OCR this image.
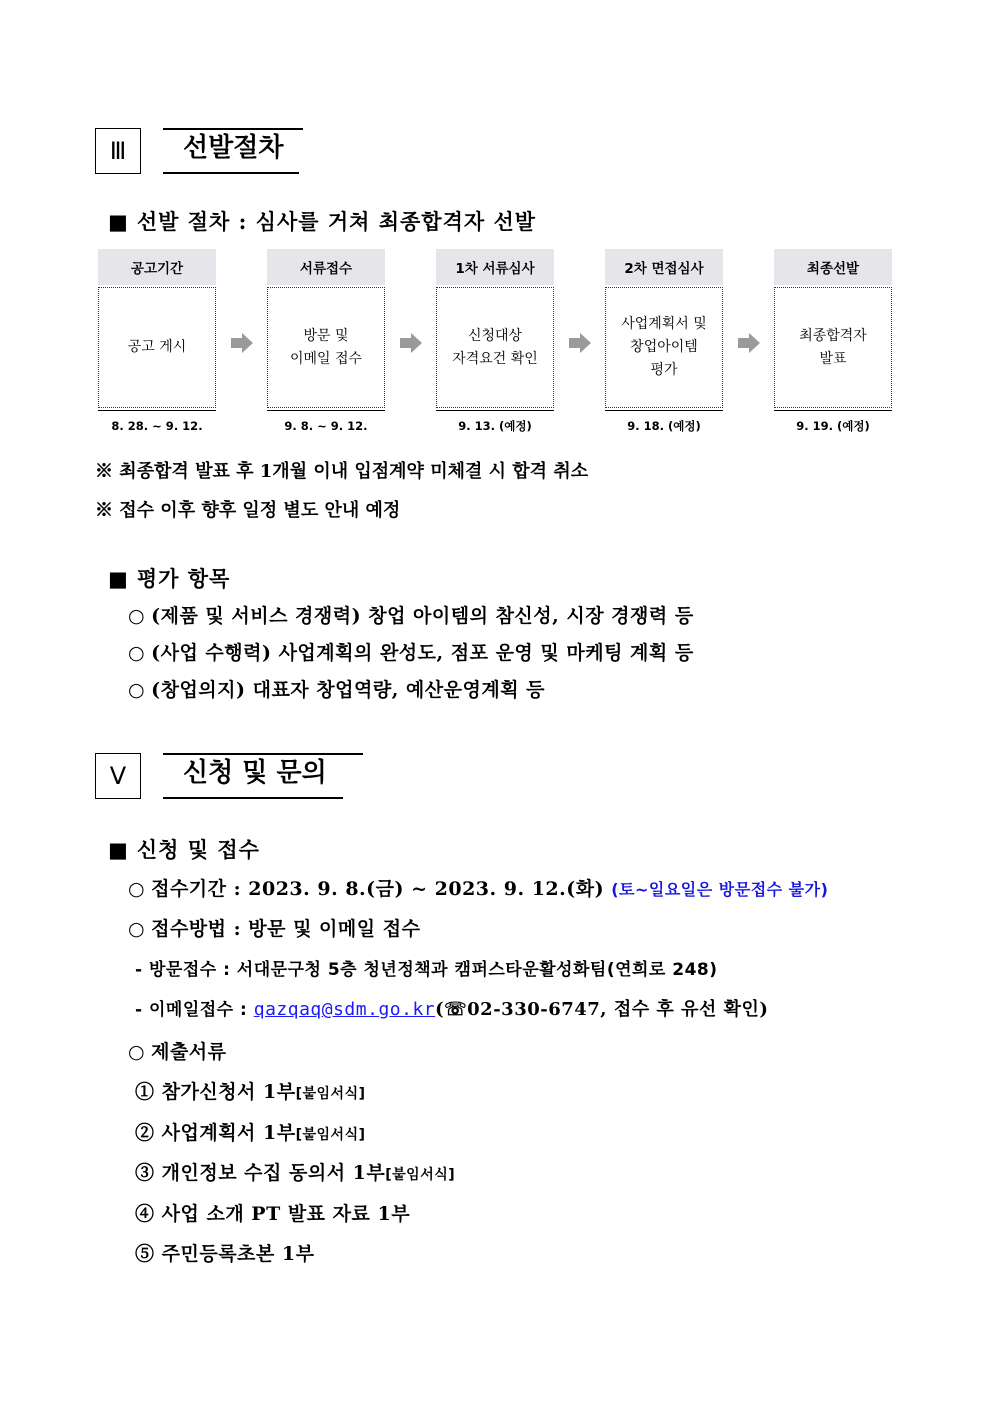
Ⅲ	선발절차
■ 선발 절차 : 심사를 거쳐 최종합격자 선발
공고기간
공고 게시
8. 28. ~ 9. 12.
서류접수
방문 및
이메일 접수
9. 8. ~ 9. 12.
1차 서류심사
신청대상
자격요건 확인
9. 13. (예정)
2차 면접심사
사업계획서 및
창업아이템
평가
9. 18. (예정)
최종선발
최종합격자
발표
9. 19. (예정)
※ 최종합격 발표 후 1개월 이내 입점계약 미체결 시 합격 취소
※ 접수 이후 향후 일정 별도 안내 예정
■ 평가 항목
○ (제품 및 서비스 경쟁력) 창업 아이템의 참신성, 시장 경쟁력 등
○ (사업 수행력) 사업계획의 완성도, 점포 운영 및 마케팅 계획 등
○ (창업의지) 대표자 창업역량, 예산운영계획 등
Ⅴ	신청 및 문의
■ 신청 및 접수
○ 접수기간 : 2023. 9. 8.(금) ~ 2023. 9. 12.(화) (토~일요일은 방문접수 불가)
○ 접수방법 : 방문 및 이메일 접수
- 방문접수 : 서대문구청 5층 청년정책과 캠퍼스타운활성화팀(연희로 248)
- 이메일접수 : qazqaq@sdm.go.kr(☏02-330-6747, 접수 후 유선 확인)
○ 제출서류
① 참가신청서 1부[붙임서식]
② 사업계획서 1부[붙임서식]
③ 개인정보 수집 동의서 1부[붙임서식]
④ 사업 소개 PT 발표 자료 1부
⑤ 주민등록초본 1부
